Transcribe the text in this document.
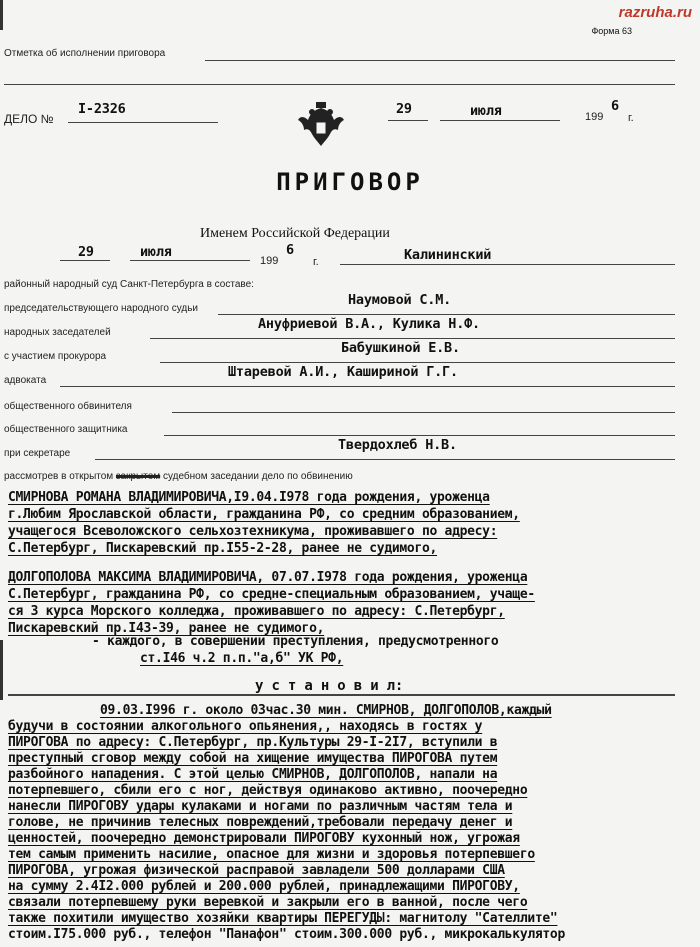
razruha.ru
Форма 63
Отметка об исполнении приговора
ДЕЛО №
I-2326	29	июля	199
6
г.
ПРИГОВОР
Именем Российской Федерации
29	июля
199
6
г.	Калининский
районный народный суд Санкт-Петербурга в составе:
председательствующего народного судьи
Наумовой С.М.
народных заседателей
Ануфриевой В.А., Кулика Н.Ф.
с участием прокурора
Бабушкиной Е.В.
адвоката
Штаревой А.И., Кашириной Г.Г.
общественного обвинителя
общественного защитника
при секретаре
Твердохлеб Н.В.
рассмотрев в открытом закрытом судебном заседании дело по обвинению
СМИРНОВА РОМАНА ВЛАДИМИРОВИЧА,I9.04.I978 года рождения, уроженца
г.Любим Ярославской области, гражданина РФ, со средним образованием,
учащегося Всеволожского сельхозтехникума, проживавшего по адресу:
С.Петербург, Пискаревский пр.I55-2-28, ранее не судимого,
ДОЛГОПОЛОВА МАКСИМА ВЛАДИМИРОВИЧА, 07.07.I978 года рождения, уроженца
С.Петербург, гражданина РФ, со средне-специальным образованием, учаще-
ся 3 курса Морского колледжа, проживавшего по адресу: С.Петербург,
Пискаревский пр.I43-39, ранее не судимого,
- каждого, в совершении преступления, предусмотренного
ст.I46 ч.2 п.п."а,б" УК РФ,
у с т а н о в и л:
09.03.I996 г. около 03час.30 мин. СМИРНОВ, ДОЛГОПОЛОВ,каждый
будучи в состоянии алкогольного опьянения,, находясь в гостях у
ПИРОГОВА по адресу: С.Петербург, пр.Культуры 29-I-2I7, вступили в
преступный сговор между собой на хищение имущества ПИРОГОВА путем
разбойного нападения. С этой целью СМИРНОВ, ДОЛГОПОЛОВ, напали на
потерпевшего, сбили его с ног, действуя одинаково активно, поочередно
нанесли ПИРОГОВУ удары кулаками и ногами по различным частям тела и
голове, не причинив телесных повреждений,требовали передачу денег и
ценностей, поочередно демонстрировали ПИРОГОВУ кухонный нож, угрожая
тем самым применить насилие, опасное для жизни и здоровья потерпевшего
ПИРОГОВА, угрожая физической расправой завладели 500 долларами США
на сумму 2.4I2.000 рублей и 200.000 рублей, принадлежащими ПИРОГОВУ,
связали потерпевшему руки веревкой и закрыли его в ванной, после чего
также похитили имущество хозяйки квартиры ПЕРЕГУДЫ: магнитолу "Сателлите"
стоим.I75.000 руб., телефон "Панафон" стоим.300.000 руб., микрокалькулятор
